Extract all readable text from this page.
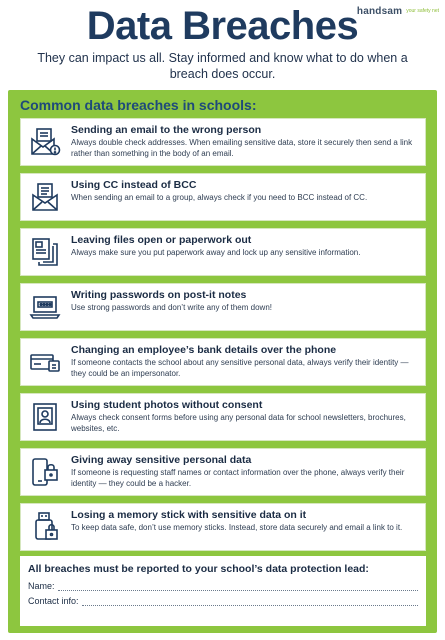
handsam your safety net
Data Breaches
They can impact us all. Stay informed and know what to do when a breach does occur.
Common data breaches in schools:
Sending an email to the wrong person
Always double check addresses. When emailing sensitive data, store it securely then send a link rather than something in the body of an email.
Using CC instead of BCC
When sending an email to a group, always check if you need to BCC instead of CC.
Leaving files open or paperwork out
Always make sure you put paperwork away and lock up any sensitive information.
Writing passwords on post-it notes
Use strong passwords and don’t write any of them down!
Changing an employee’s bank details over the phone
If someone contacts the school about any sensitive personal data, always verify their identity — they could be an impersonator.
Using student photos without consent
Always check consent forms before using any personal data for school newsletters, brochures, websites, etc.
Giving away sensitive personal data
If someone is requesting staff names or contact information over the phone, always verify their identity — they could be a hacker.
Losing a memory stick with sensitive data on it
To keep data safe, don’t use memory sticks. Instead, store data securely and email a link to it.
All breaches must be reported to your school’s data protection lead:
Name:
Contact info:
